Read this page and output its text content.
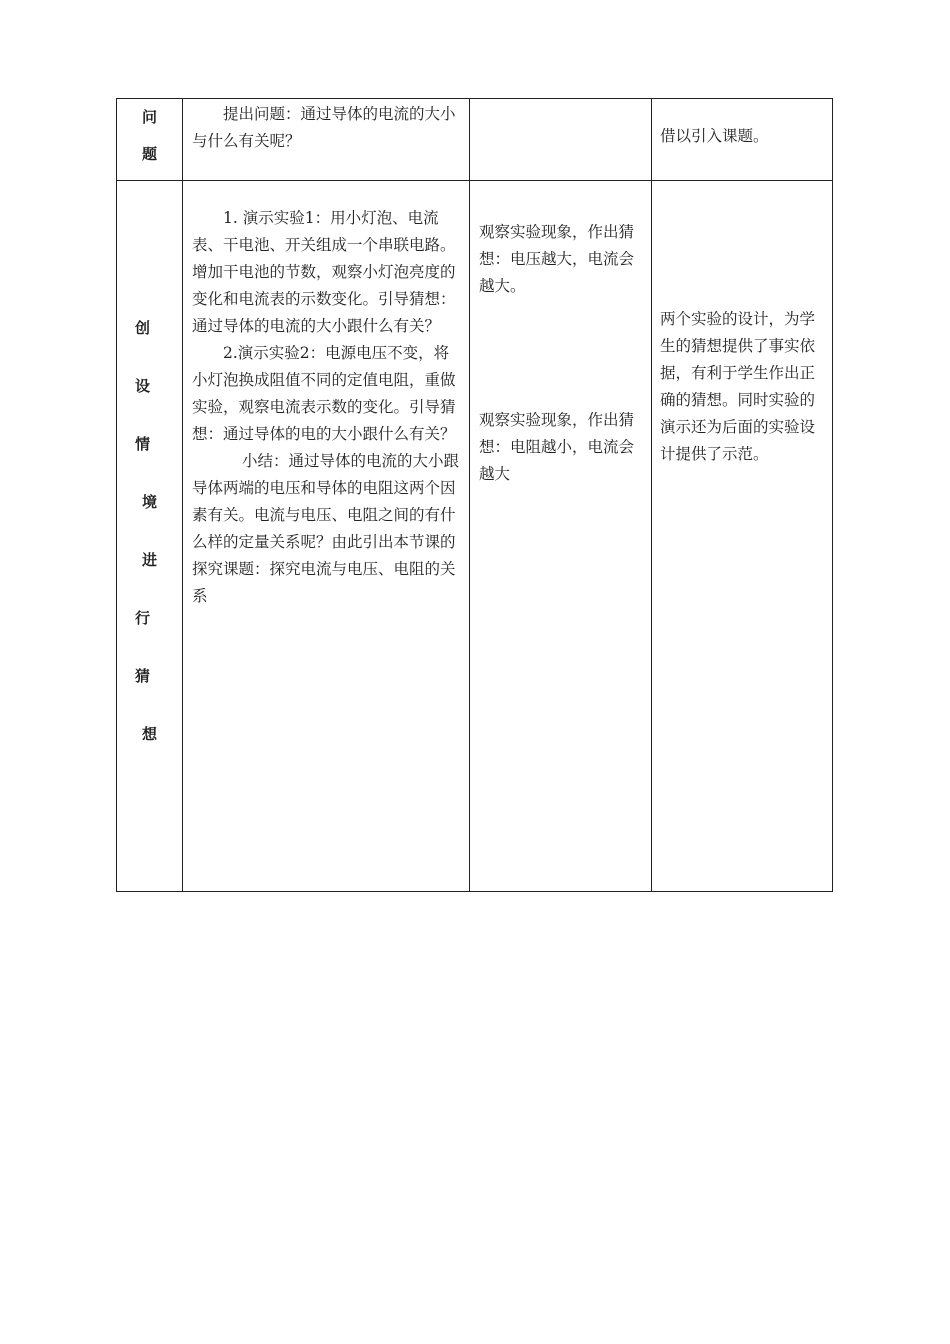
问
题

提出问题：通过导体的电流的大小与什么有关呢？	借以引入课题。

创
设
情
境
进
行
猜
想

1. 演示实验1：用小灯泡、电流表、干电池、开关组成一个串联电路。增加干电池的节数，观察小灯泡亮度的变化和电流表的示数变化。引导猜想：通过导体的电流的大小跟什么有关？

2.演示实验2：电源电压不变，将小灯泡换成阻值不同的定值电阻，重做实验，观察电流表示数的变化。引导猜想：通过导体的电的大小跟什么有关？

小结：通过导体的电流的大小跟导体两端的电压和导体的电阻这两个因素有关。电流与电压、电阻之间的有什么样的定量关系呢？由此引出本节课的探究课题：探究电流与电压、电阻的关系

观察实验现象，作出猜想：电压越大，电流会越大。

观察实验现象，作出猜想：电阻越小，电流会越大

两个实验的设计，为学生的猜想提供了事实依据，有利于学生作出正确的猜想。同时实验的演示还为后面的实验设计提供了示范。
